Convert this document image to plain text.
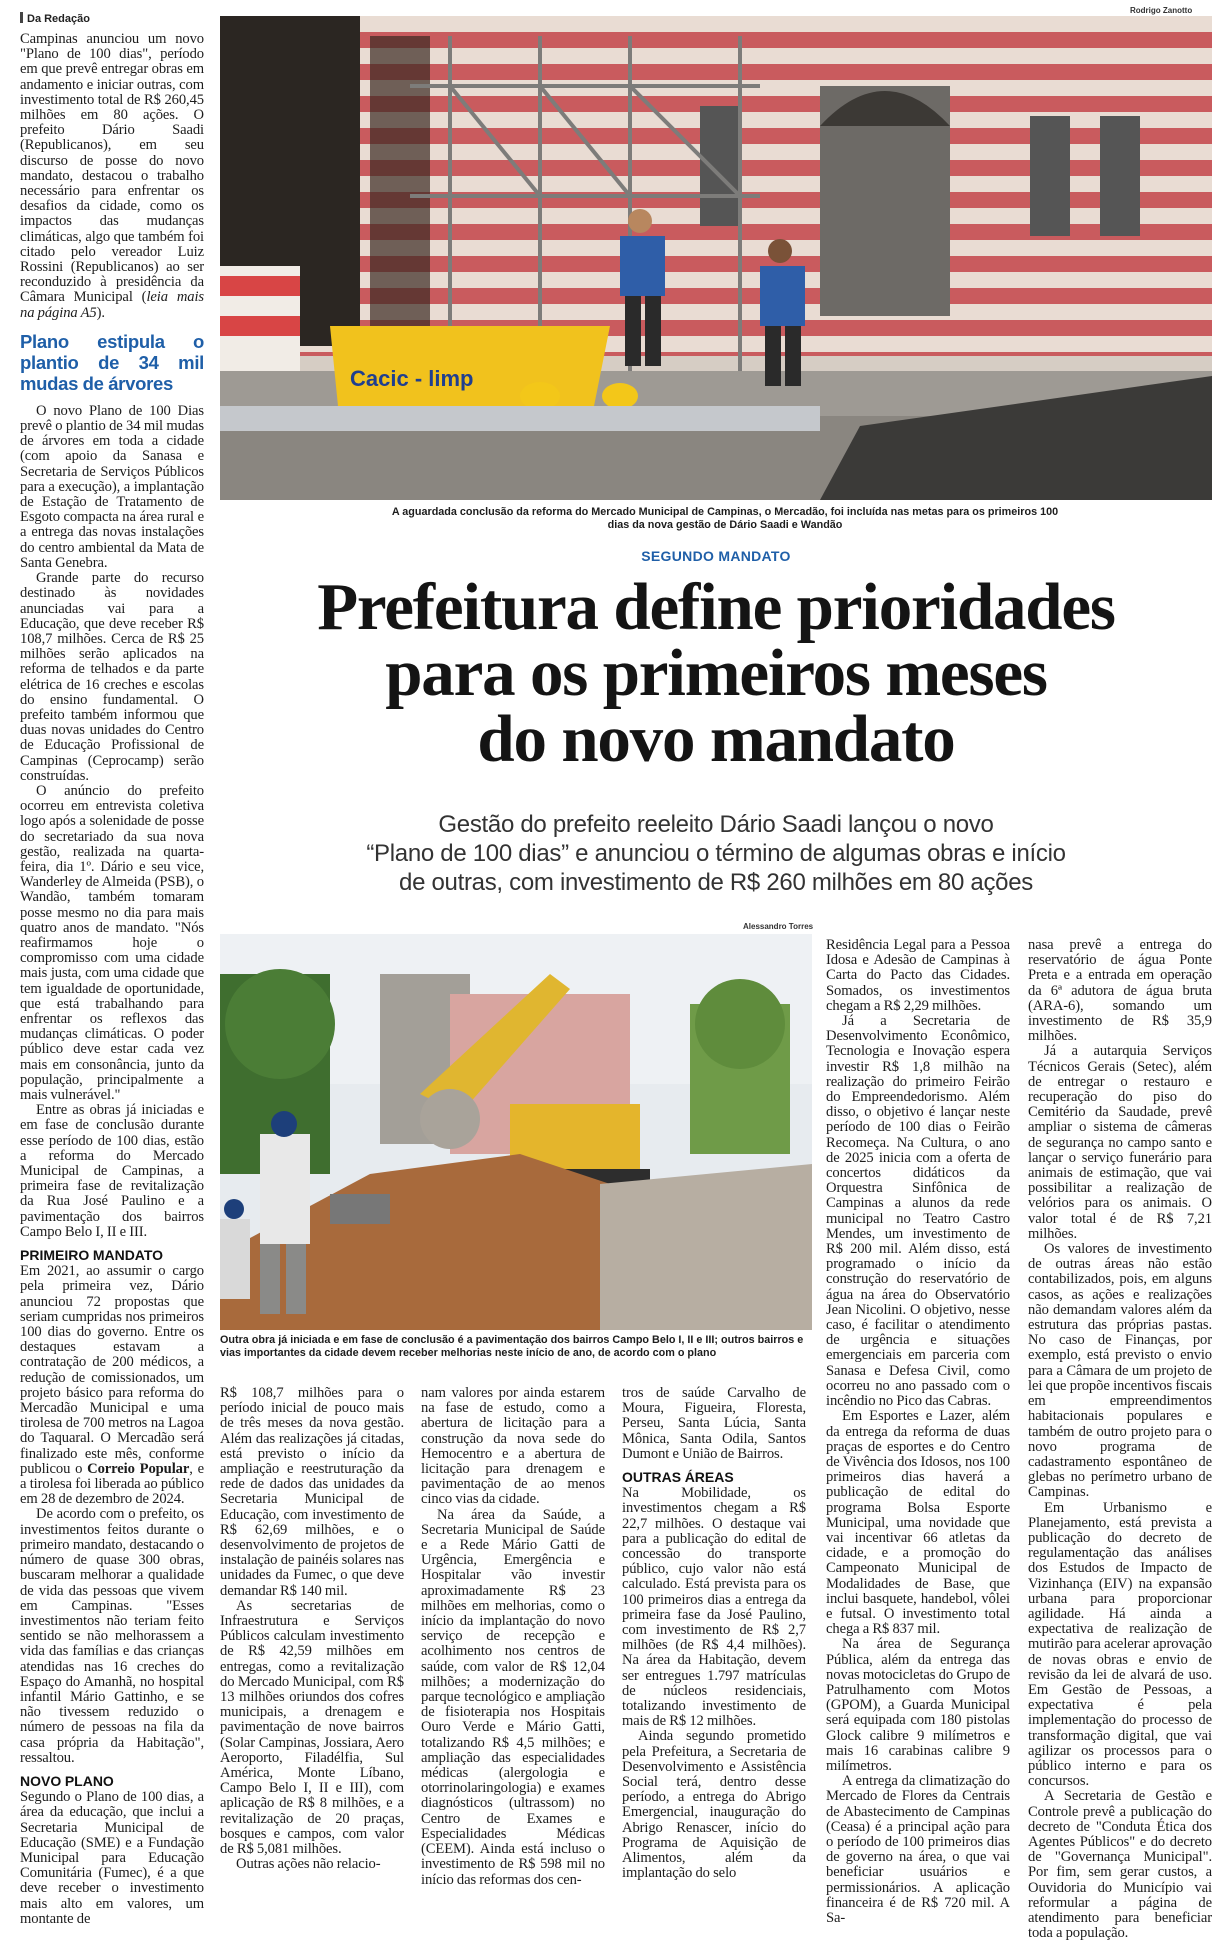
Da Redação

Campinas anunciou um novo "Plano de 100 dias", período em que prevê entregar obras em andamento e iniciar outras, com investimento total de R$ 260,45 milhões em 80 ações. O prefeito Dário Saadi (Republicanos), em seu discurso de posse do novo mandato, destacou o trabalho necessário para enfrentar os desafios da cidade, como os impactos das mudanças climáticas, algo que também foi citado pelo vereador Luiz Rossini (Republicanos) ao ser reconduzido à presidência da Câmara Municipal (leia mais na página A5).

Plano estipula o plantio de 34 mil mudas de árvores

O novo Plano de 100 Dias prevê o plantio de 34 mil mudas de árvores em toda a cidade (com apoio da Sanasa e Secretaria de Serviços Públicos para a execução), a implantação de Estação de Tratamento de Esgoto compacta na área rural e a entrega das novas instalações do centro ambiental da Mata de Santa Genebra.

Grande parte do recurso destinado às novidades anunciadas vai para a Educação, que deve receber R$ 108,7 milhões. Cerca de R$ 25 milhões serão aplicados na reforma de telhados e da parte elétrica de 16 creches e escolas do ensino fundamental. O prefeito também informou que duas novas unidades do Centro de Educação Profissional de Campinas (Ceprocamp) serão construídas.

O anúncio do prefeito ocorreu em entrevista coletiva logo após a solenidade de posse do secretariado da sua nova gestão, realizada na quarta-feira, dia 1º. Dário e seu vice, Wanderley de Almeida (PSB), o Wandão, também tomaram posse mesmo no dia para mais quatro anos de mandato. "Nós reafirmamos hoje o compromisso com uma cidade mais justa, com uma cidade que tem igualdade de oportunidade, que está trabalhando para enfrentar os reflexos das mudanças climáticas. O poder público deve estar cada vez mais em consonância, junto da população, principalmente a mais vulnerável."

Entre as obras já iniciadas e em fase de conclusão durante esse período de 100 dias, estão a reforma do Mercado Municipal de Campinas, a primeira fase de revitalização da Rua José Paulino e a pavimentação dos bairros Campo Belo I, II e III.

PRIMEIRO MANDATO

Em 2021, ao assumir o cargo pela primeira vez, Dário anunciou 72 propostas que seriam cumpridas nos primeiros 100 dias do governo. Entre os destaques estavam a contratação de 200 médicos, a redução de comissionados, um projeto básico para reforma do Mercadão Municipal e uma tirolesa de 700 metros na Lagoa do Taquaral. O Mercadão será finalizado este mês, conforme publicou o Correio Popular, e a tirolesa foi liberada ao público em 28 de dezembro de 2024.

De acordo com o prefeito, os investimentos feitos durante o primeiro mandato, destacando o número de quase 300 obras, buscaram melhorar a qualidade de vida das pessoas que vivem em Campinas. "Esses investimentos não teriam feito sentido se não melhorassem a vida das famílias e das crianças atendidas nas 16 creches do Espaço do Amanhã, no hospital infantil Mário Gattinho, e se não tivessem reduzido o número de pessoas na fila da casa própria da Habitação", ressaltou.

NOVO PLANO

Segundo o Plano de 100 dias, a área da educação, que inclui a Secretaria Municipal de Educação (SME) e a Fundação Municipal para Educação Comunitária (Fumec), é a que deve receber o investimento mais alto em valores, um montante de

Rodrigo Zanotto
Cacic - limp
A aguardada conclusão da reforma do Mercado Municipal de Campinas, o Mercadão, foi incluída nas metas para os primeiros 100 dias da nova gestão de Dário Saadi e Wandão
SEGUNDO MANDATO
Prefeitura define prioridades
para os primeiros meses
do novo mandato
Gestão do prefeito reeleito Dário Saadi lançou o novo
“Plano de 100 dias” e anunciou o término de algumas obras e início
de outras, com investimento de R$ 260 milhões em 80 ações
Alessandro Torres
Outra obra já iniciada e em fase de conclusão é a pavimentação dos bairros Campo Belo I, II e III; outros bairros e vias importantes da cidade devem receber melhorias neste início de ano, de acordo com o plano

R$ 108,7 milhões para o período inicial de pouco mais de três meses da nova gestão. Além das realizações já citadas, está previsto o início da ampliação e reestruturação da rede de dados das unidades da Secretaria Municipal de Educação, com investimento de R$ 62,69 milhões, e o desenvolvimento de projetos de instalação de painéis solares nas unidades da Fumec, o que deve demandar R$ 140 mil.

As secretarias de Infraestrutura e Serviços Públicos calculam investimento de R$ 42,59 milhões em entregas, como a revitalização do Mercado Municipal, com R$ 13 milhões oriundos dos cofres municipais, a drenagem e pavimentação de nove bairros (Solar Campinas, Jossiara, Aero Aeroporto, Filadélfia, Sul América, Monte Líbano, Campo Belo I, II e III), com aplicação de R$ 8 milhões, e a revitalização de 20 praças, bosques e campos, com valor de R$ 5,081 milhões.

Outras ações não relacio-

nam valores por ainda estarem na fase de estudo, como a abertura de licitação para a construção da nova sede do Hemocentro e a abertura de licitação para drenagem e pavimentação de ao menos cinco vias da cidade.

Na área da Saúde, a Secretaria Municipal de Saúde e a Rede Mário Gatti de Urgência, Emergência e Hospitalar vão investir aproximadamente R$ 23 milhões em melhorias, como o início da implantação do novo serviço de recepção e acolhimento nos centros de saúde, com valor de R$ 12,04 milhões; a modernização do parque tecnológico e ampliação de fisioterapia nos Hospitais Ouro Verde e Mário Gatti, totalizando R$ 4,5 milhões; e ampliação das especialidades médicas (alergologia e otorrinolaringologia) e exames diagnósticos (ultrassom) no Centro de Exames e Especialidades Médicas (CEEM). Ainda está incluso o investimento de R$ 598 mil no início das reformas dos cen-

tros de saúde Carvalho de Moura, Figueira, Floresta, Perseu, Santa Lúcia, Santa Mônica, Santa Odila, Santos Dumont e União de Bairros.

OUTRAS ÁREAS

Na Mobilidade, os investimentos chegam a R$ 22,7 milhões. O destaque vai para a publicação do edital de concessão do transporte público, cujo valor não está calculado. Está prevista para os 100 primeiros dias a entrega da primeira fase da José Paulino, com investimento de R$ 2,7 milhões (de R$ 4,4 milhões). Na área da Habitação, devem ser entregues 1.797 matrículas de núcleos residenciais, totalizando investimento de mais de R$ 12 milhões.

Ainda segundo prometido pela Prefeitura, a Secretaria de Desenvolvimento e Assistência Social terá, dentro desse período, a entrega do Abrigo Emergencial, inauguração do Abrigo Renascer, início do Programa de Aquisição de Alimentos, além da implantação do selo

Residência Legal para a Pessoa Idosa e Adesão de Campinas à Carta do Pacto das Cidades. Somados, os investimentos chegam a R$ 2,29 milhões.

Já a Secretaria de Desenvolvimento Econômico, Tecnologia e Inovação espera investir R$ 1,8 milhão na realização do primeiro Feirão do Empreendedorismo. Além disso, o objetivo é lançar neste período de 100 dias o Feirão Recomeça. Na Cultura, o ano de 2025 inicia com a oferta de concertos didáticos da Orquestra Sinfônica de Campinas a alunos da rede municipal no Teatro Castro Mendes, um investimento de R$ 200 mil. Além disso, está programado o início da construção do reservatório de água na área do Observatório Jean Nicolini. O objetivo, nesse caso, é facilitar o atendimento de urgência e situações emergenciais em parceria com Sanasa e Defesa Civil, como ocorreu no ano passado com o incêndio no Pico das Cabras.

Em Esportes e Lazer, além da entrega da reforma de duas praças de esportes e do Centro de Vivência dos Idosos, nos 100 primeiros dias haverá a publicação de edital do programa Bolsa Esporte Municipal, uma novidade que vai incentivar 66 atletas da cidade, e a promoção do Campeonato Municipal de Modalidades de Base, que inclui basquete, handebol, vôlei e futsal. O investimento total chega a R$ 837 mil.

Na área de Segurança Pública, além da entrega das novas motocicletas do Grupo de Patrulhamento com Motos (GPOM), a Guarda Municipal será equipada com 180 pistolas Glock calibre 9 milímetros e mais 16 carabinas calibre 9 milímetros.

A entrega da climatização do Mercado de Flores da Centrais de Abastecimento de Campinas (Ceasa) é a principal ação para o período de 100 primeiros dias de governo na área, o que vai beneficiar usuários e permissionários. A aplicação financeira é de R$ 720 mil. A Sa-

nasa prevê a entrega do reservatório de água Ponte Preta e a entrada em operação da 6ª adutora de água bruta (ARA-6), somando um investimento de R$ 35,9 milhões.

Já a autarquia Serviços Técnicos Gerais (Setec), além de entregar o restauro e recuperação do piso do Cemitério da Saudade, prevê ampliar o sistema de câmeras de segurança no campo santo e lançar o serviço funerário para animais de estimação, que vai possibilitar a realização de velórios para os animais. O valor total é de R$ 7,21 milhões.

Os valores de investimento de outras áreas não estão contabilizados, pois, em alguns casos, as ações e realizações não demandam valores além da estrutura das próprias pastas. No caso de Finanças, por exemplo, está previsto o envio para a Câmara de um projeto de lei que propõe incentivos fiscais em empreendimentos habitacionais populares e também de outro projeto para o novo programa de cadastramento espontâneo de glebas no perímetro urbano de Campinas.

Em Urbanismo e Planejamento, está prevista a publicação do decreto de regulamentação das análises dos Estudos de Impacto de Vizinhança (EIV) na expansão urbana para proporcionar agilidade. Há ainda a expectativa de realização de mutirão para acelerar aprovação de novas obras e envio de revisão da lei de alvará de uso. Em Gestão de Pessoas, a expectativa é pela implementação do processo de transformação digital, que vai agilizar os processos para o público interno e para os concursos.

A Secretaria de Gestão e Controle prevê a publicação do decreto de "Conduta Ética dos Agentes Públicos" e do decreto de "Governança Municipal". Por fim, sem gerar custos, a Ouvidoria do Município vai reformular a página de atendimento para beneficiar toda a população.
